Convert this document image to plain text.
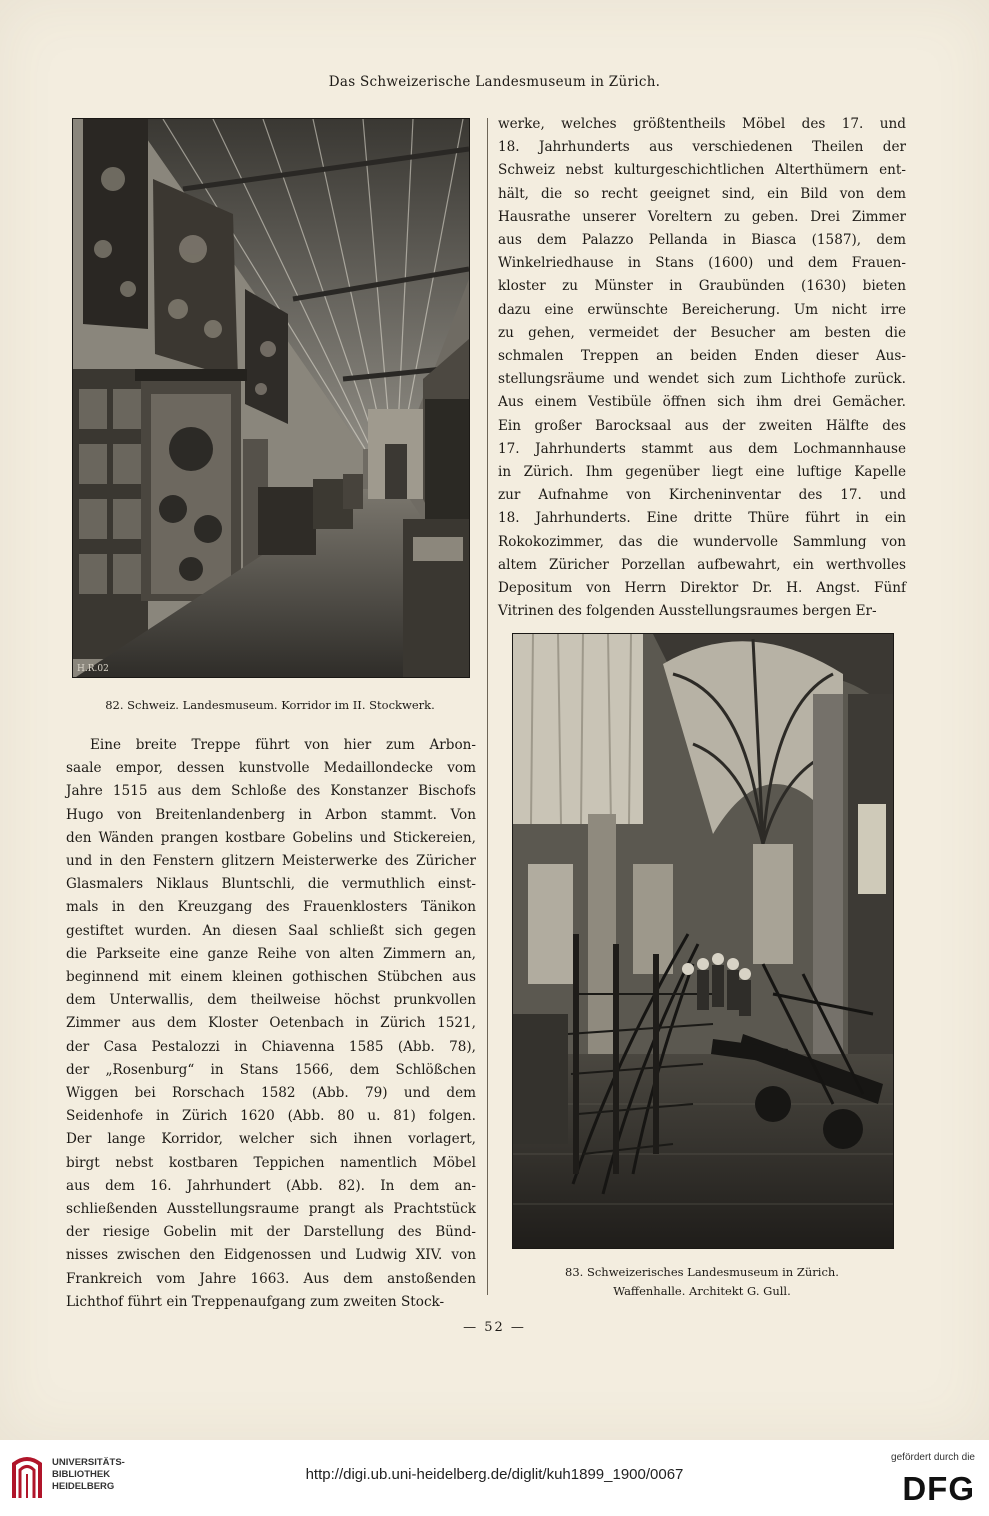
Das Schweizerische Landesmuseum in Zürich.
H.R.02
82. Schweiz. Landesmuseum. Korridor im II. Stockwerk.

werke, welches größtentheils Möbel des 17. und

18. Jahrhunderts aus verschiedenen Theilen der

Schweiz nebst kulturgeschichtlichen Alterthümern ent-

hält, die so recht geeignet sind, ein Bild von dem

Hausrathe unserer Voreltern zu geben. Drei Zimmer

aus dem Palazzo Pellanda in Biasca (1587), dem

Winkelriedhause in Stans (1600) und dem Frauen-

kloster zu Münster in Graubünden (1630) bieten

dazu eine erwünschte Bereicherung. Um nicht irre

zu gehen, vermeidet der Besucher am besten die

schmalen Treppen an beiden Enden dieser Aus-

stellungsräume und wendet sich zum Lichthofe zurück.

Aus einem Vestibüle öffnen sich ihm drei Gemächer.

Ein großer Barocksaal aus der zweiten Hälfte des

17. Jahrhunderts stammt aus dem Lochmannhause

in Zürich. Ihm gegenüber liegt eine luftige Kapelle

zur Aufnahme von Kircheninventar des 17. und

18. Jahrhunderts. Eine dritte Thüre führt in ein

Rokokozimmer, das die wundervolle Sammlung von

altem Züricher Porzellan aufbewahrt, ein werthvolles

Depositum von Herrn Direktor Dr. H. Angst. Fünf

Vitrinen des folgenden Ausstellungsraumes bergen Er-

83. Schweizerisches Landesmuseum in Zürich.
Waffenhalle. Architekt G. Gull.

Eine breite Treppe führt von hier zum Arbon-

saale empor, dessen kunstvolle Medaillondecke vom

Jahre 1515 aus dem Schloße des Konstanzer Bischofs

Hugo von Breitenlandenberg in Arbon stammt. Von

den Wänden prangen kostbare Gobelins und Stickereien,

und in den Fenstern glitzern Meisterwerke des Züricher

Glasmalers Niklaus Bluntschli, die vermuthlich einst-

mals in den Kreuzgang des Frauenklosters Tänikon

gestiftet wurden. An diesen Saal schließt sich gegen

die Parkseite eine ganze Reihe von alten Zimmern an,

beginnend mit einem kleinen gothischen Stübchen aus

dem Unterwallis, dem theilweise höchst prunkvollen

Zimmer aus dem Kloster Oetenbach in Zürich 1521,

der Casa Pestalozzi in Chiavenna 1585 (Abb. 78),

der „Rosenburg“ in Stans 1566, dem Schlößchen

Wiggen bei Rorschach 1582 (Abb. 79) und dem

Seidenhofe in Zürich 1620 (Abb. 80 u. 81) folgen.

Der lange Korridor, welcher sich ihnen vorlagert,

birgt nebst kostbaren Teppichen namentlich Möbel

aus dem 16. Jahrhundert (Abb. 82). In dem an-

schließenden Ausstellungsraume prangt als Prachtstück

der riesige Gobelin mit der Darstellung des Bünd-

nisses zwischen den Eidgenossen und Ludwig XIV. von

Frankreich vom Jahre 1663. Aus dem anstoßenden

Lichthof führt ein Treppenaufgang zum zweiten Stock-

— 52 —
UNIVERSITÄTS-
BIBLIOTHEK
HEIDELBERG
http://digi.ub.uni-heidelberg.de/diglit/kuh1899_1900/0067
gefördert durch die
DFG
